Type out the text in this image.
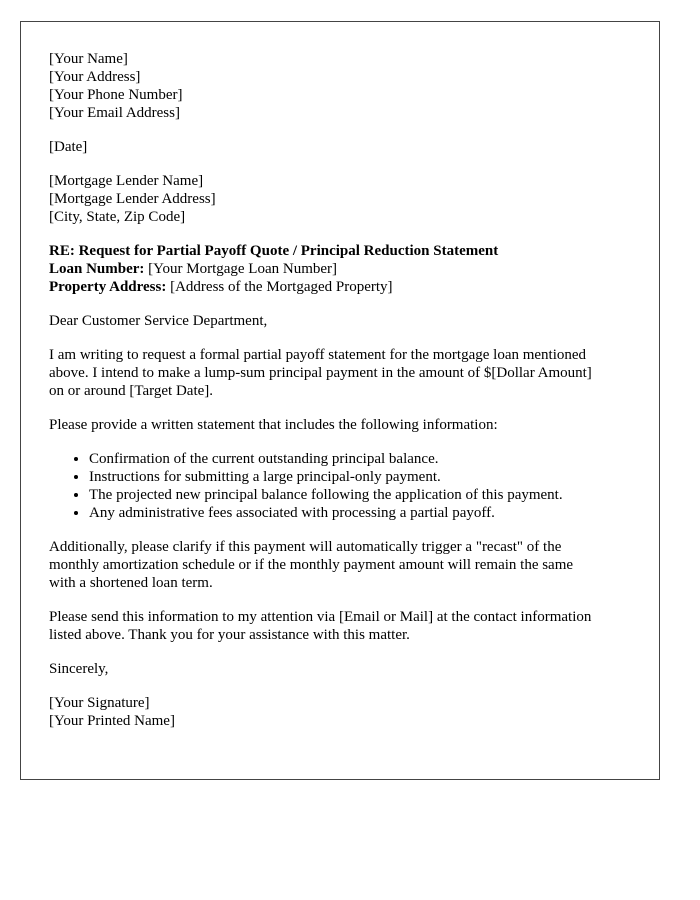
[Your Name]
[Your Address]
[Your Phone Number]
[Your Email Address]
[Date]
[Mortgage Lender Name]
[Mortgage Lender Address]
[City, State, Zip Code]
RE: Request for Partial Payoff Quote / Principal Reduction Statement
Loan Number: [Your Mortgage Loan Number]
Property Address: [Address of the Mortgaged Property]
Dear Customer Service Department,
I am writing to request a formal partial payoff statement for the mortgage loan mentioned
above. I intend to make a lump-sum principal payment in the amount of $[Dollar Amount]
on or around [Target Date].
Please provide a written statement that includes the following information:
• Confirmation of the current outstanding principal balance.
• Instructions for submitting a large principal-only payment.
• The projected new principal balance following the application of this payment.
• Any administrative fees associated with processing a partial payoff.
Additionally, please clarify if this payment will automatically trigger a "recast" of the
monthly amortization schedule or if the monthly payment amount will remain the same
with a shortened loan term.
Please send this information to my attention via [Email or Mail] at the contact information
listed above. Thank you for your assistance with this matter.
Sincerely,
[Your Signature]
[Your Printed Name]
